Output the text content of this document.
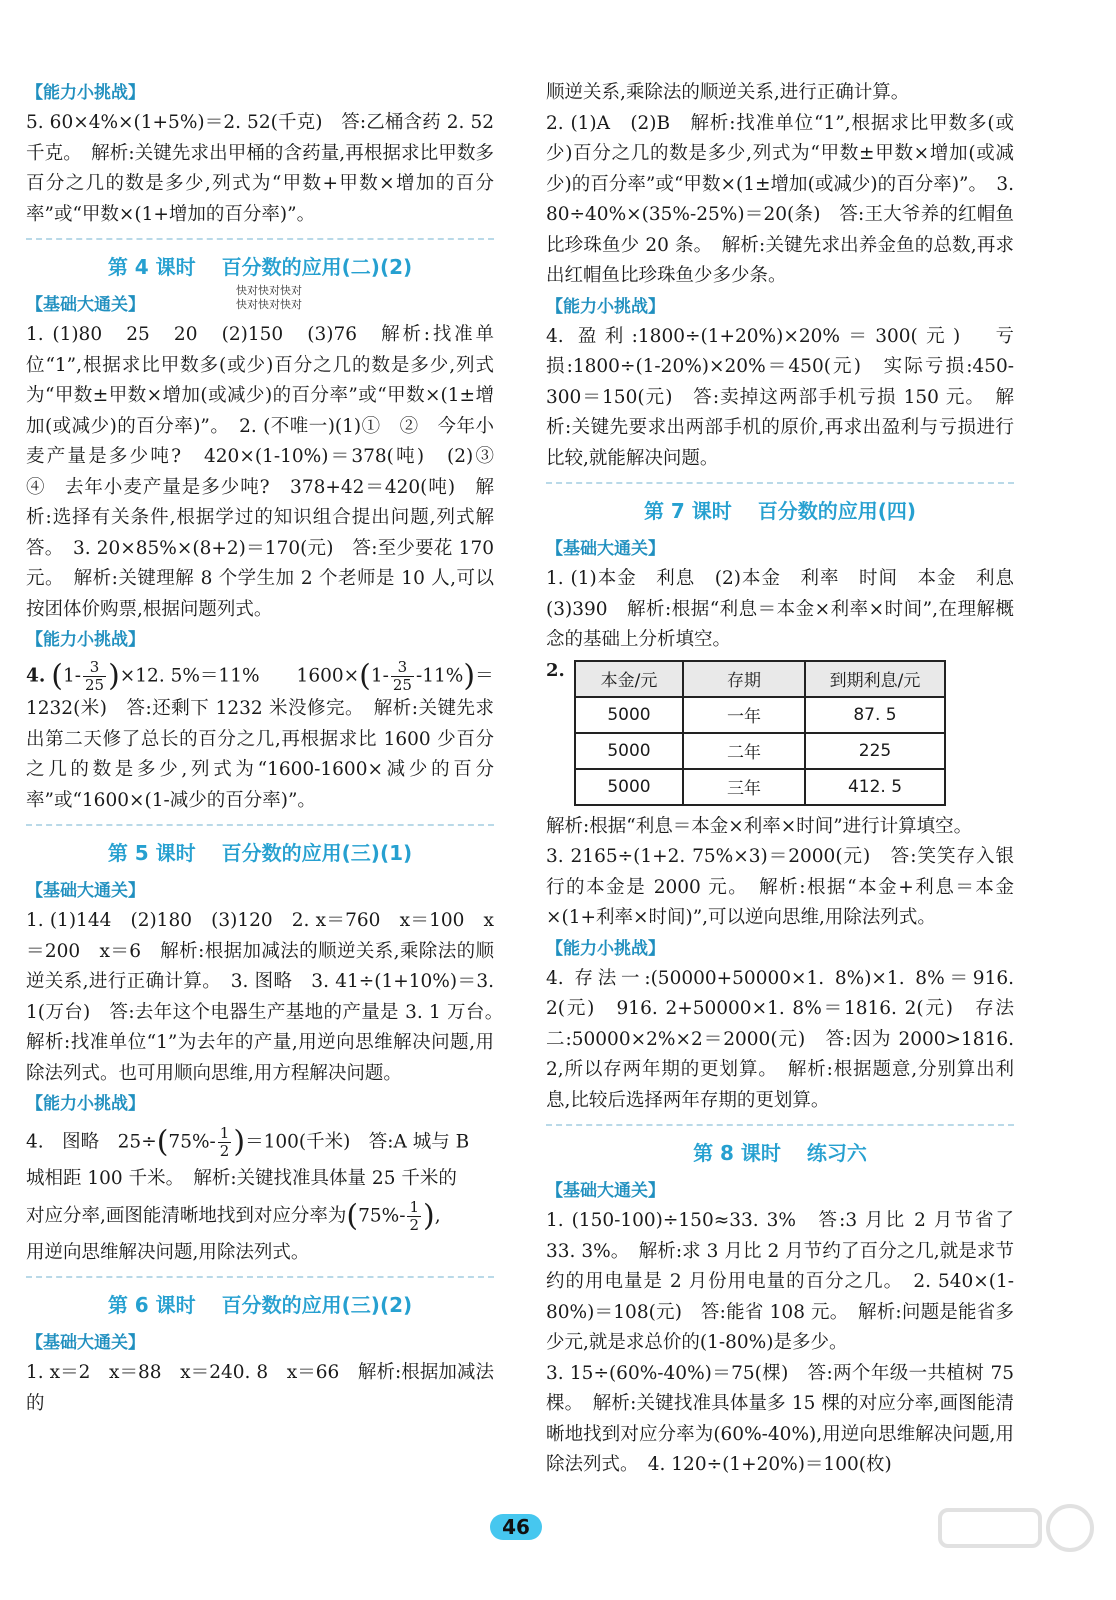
【能力小挑战】

5. 60×4%×(1+5%)＝2. 52(千克)　答:乙桶含药 2. 52 千克。　解析:关键先求出甲桶的含药量,再根据求比甲数多百分之几的数是多少,列式为“甲数+甲数×增加的百分率”或“甲数×(1+增加的百分率)”。

第 4 课时 百分数的应用(二)(2)

【基础大通关】

1. (1)80　25　20　(2)150　(3)76　解析:找准单位“1”,根据求比甲数多(或少)百分之几的数是多少,列式为“甲数±甲数×增加(或减少)的百分率”或“甲数×(1±增加(或减少)的百分率)”。　2. (不唯一)(1)①　②　今年小麦产量是多少吨?　420×(1-10%)＝378(吨)　(2)③　④　去年小麦产量是多少吨?　378+42＝420(吨)　解析:选择有关条件,根据学过的知识组合提出问题,列式解答。　3. 20×85%×(8+2)＝170(元)　答:至少要花 170 元。　解析:关键理解 8 个学生加 2 个老师是 10 人,可以按团体价购票,根据问题列式。

【能力小挑战】

4. $(1- \frac{3}{25} )\times 12$. 5%＝11%　　$1600\times(1- \frac{3}{25} -11\%)=$

1232(米)　答:还剩下 1232 米没修完。　解析:关键先求出第二天修了总长的百分之几,再根据求比 1600 少百分之几的数是多少,列式为“1600-1600×减少的百分率”或“1600×(1-减少的百分率)”。

第 5 课时 百分数的应用(三)(1)

【基础大通关】

1. (1)144　(2)180　(3)120　2. x＝760　x＝100　x＝200　x＝6　解析:根据加减法的顺逆关系,乘除法的顺逆关系,进行正确计算。　3. 图略　3. 41÷(1+10%)＝3. 1(万台)　答:去年这个电器生产基地的产量是 3. 1 万台。　解析:找准单位“1”为去年的产量,用逆向思维解决问题,用除法列式。也可用顺向思维,用方程解决问题。

【能力小挑战】

4.　图略　$25\div(75\%- \frac{1}{2} )=100$(千米)　答:A 城与 B

城相距 100 千米。　解析:关键找准具体量 25 千米的

对应分率,画图能清晰地找到对应分率为($75\%- \frac{1}{2}$ ),

用逆向思维解决问题,用除法列式。

第 6 课时 百分数的应用(三)(2)

【基础大通关】

1. x＝2　x＝88　x＝240. 8　x＝66　解析:根据加减法的

快对快对快对
快对快对快对

顺逆关系,乘除法的顺逆关系,进行正确计算。

2. (1)A　(2)B　解析:找准单位“1”,根据求比甲数多(或少)百分之几的数是多少,列式为“甲数±甲数×增加(或减少)的百分率”或“甲数×(1±增加(或减少)的百分率)”。　3. 80÷40%×(35%-25%)＝20(条)　答:王大爷养的红帽鱼比珍珠鱼少 20 条。　解析:关键先求出养金鱼的总数,再求出红帽鱼比珍珠鱼少多少条。

【能力小挑战】

4. 盈利:1800÷(1+20%)×20%＝300(元)　亏损:1800÷(1-20%)×20%＝450(元)　实际亏损:450-300＝150(元)　答:卖掉这两部手机亏损 150 元。　解析:关键先要求出两部手机的原价,再求出盈利与亏损进行比较,就能解决问题。

第 7 课时 百分数的应用(四)

【基础大通关】

1. (1)本金　利息　(2)本金　利率　时间　本金　利息　(3)390　解析:根据“利息＝本金×利率×时间”,在理解概念的基础上分析填空。

2.
本金/元	存期	到期利息/元
5000	一年	87. 5
5000	二年	225
5000	三年	412. 5

解析:根据“利息＝本金×利率×时间”进行计算填空。

3. 2165÷(1+2. 75%×3)＝2000(元)　答:笑笑存入银行的本金是 2000 元。　解析:根据“本金+利息＝本金×(1+利率×时间)”,可以逆向思维,用除法列式。

【能力小挑战】

4. 存法一:(50000+50000×1. 8%)×1. 8%＝916. 2(元)　916. 2+50000×1. 8%＝1816. 2(元)　存法二:50000×2%×2＝2000(元)　答:因为 2000>1816. 2,所以存两年期的更划算。　解析:根据题意,分别算出利息,比较后选择两年存期的更划算。

第 8 课时 练习六

【基础大通关】

1. (150-100)÷150≈33. 3%　答:3 月比 2 月节省了 33. 3%。　解析:求 3 月比 2 月节约了百分之几,就是求节约的用电量是 2 月份用电量的百分之几。　2. 540×(1-80%)＝108(元)　答:能省 108 元。　解析:问题是能省多少元,就是求总价的(1-80%)是多少。

3. 15÷(60%-40%)＝75(棵)　答:两个年级一共植树 75 棵。　解析:关键找准具体量多 15 棵的对应分率,画图能清晰地找到对应分率为(60%-40%),用逆向思维解决问题,用除法列式。　4. 120÷(1+20%)＝100(枚)

46
